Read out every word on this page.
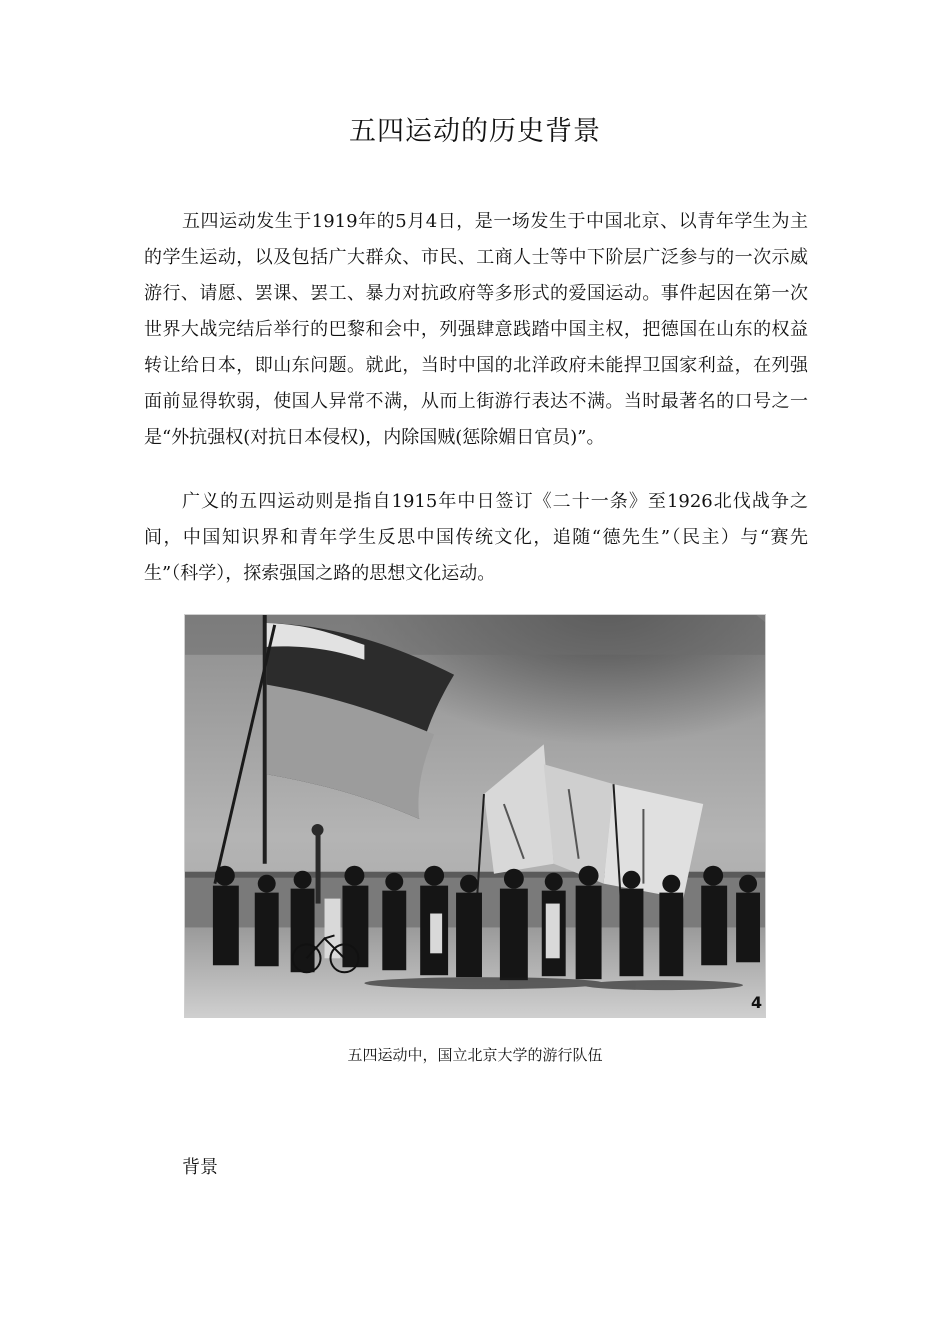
五四运动的历史背景

五四运动发生于1919年的5月4日，是一场发生于中国北京、以青年学生为主的学生运动，以及包括广大群众、市民、工商人士等中下阶层广泛参与的一次示威游行、请愿、罢课、罢工、暴力对抗政府等多形式的爱国运动。事件起因在第一次世界大战完结后举行的巴黎和会中，列强肆意践踏中国主权，把德国在山东的权益转让给日本，即山东问题。就此，当时中国的北洋政府未能捍卫国家利益，在列强面前显得软弱，使国人异常不满，从而上街游行表达不满。当时最著名的口号之一是“外抗强权(对抗日本侵权)，内除国贼(惩除媚日官员)”。

广义的五四运动则是指自1915年中日签订《二十一条》至1926北伐战争之间，中国知识界和青年学生反思中国传统文化，追随“德先生”（民主）与“赛先生”（科学），探索强国之路的思想文化运动。

4
五四运动中，国立北京大学的游行队伍
背景
